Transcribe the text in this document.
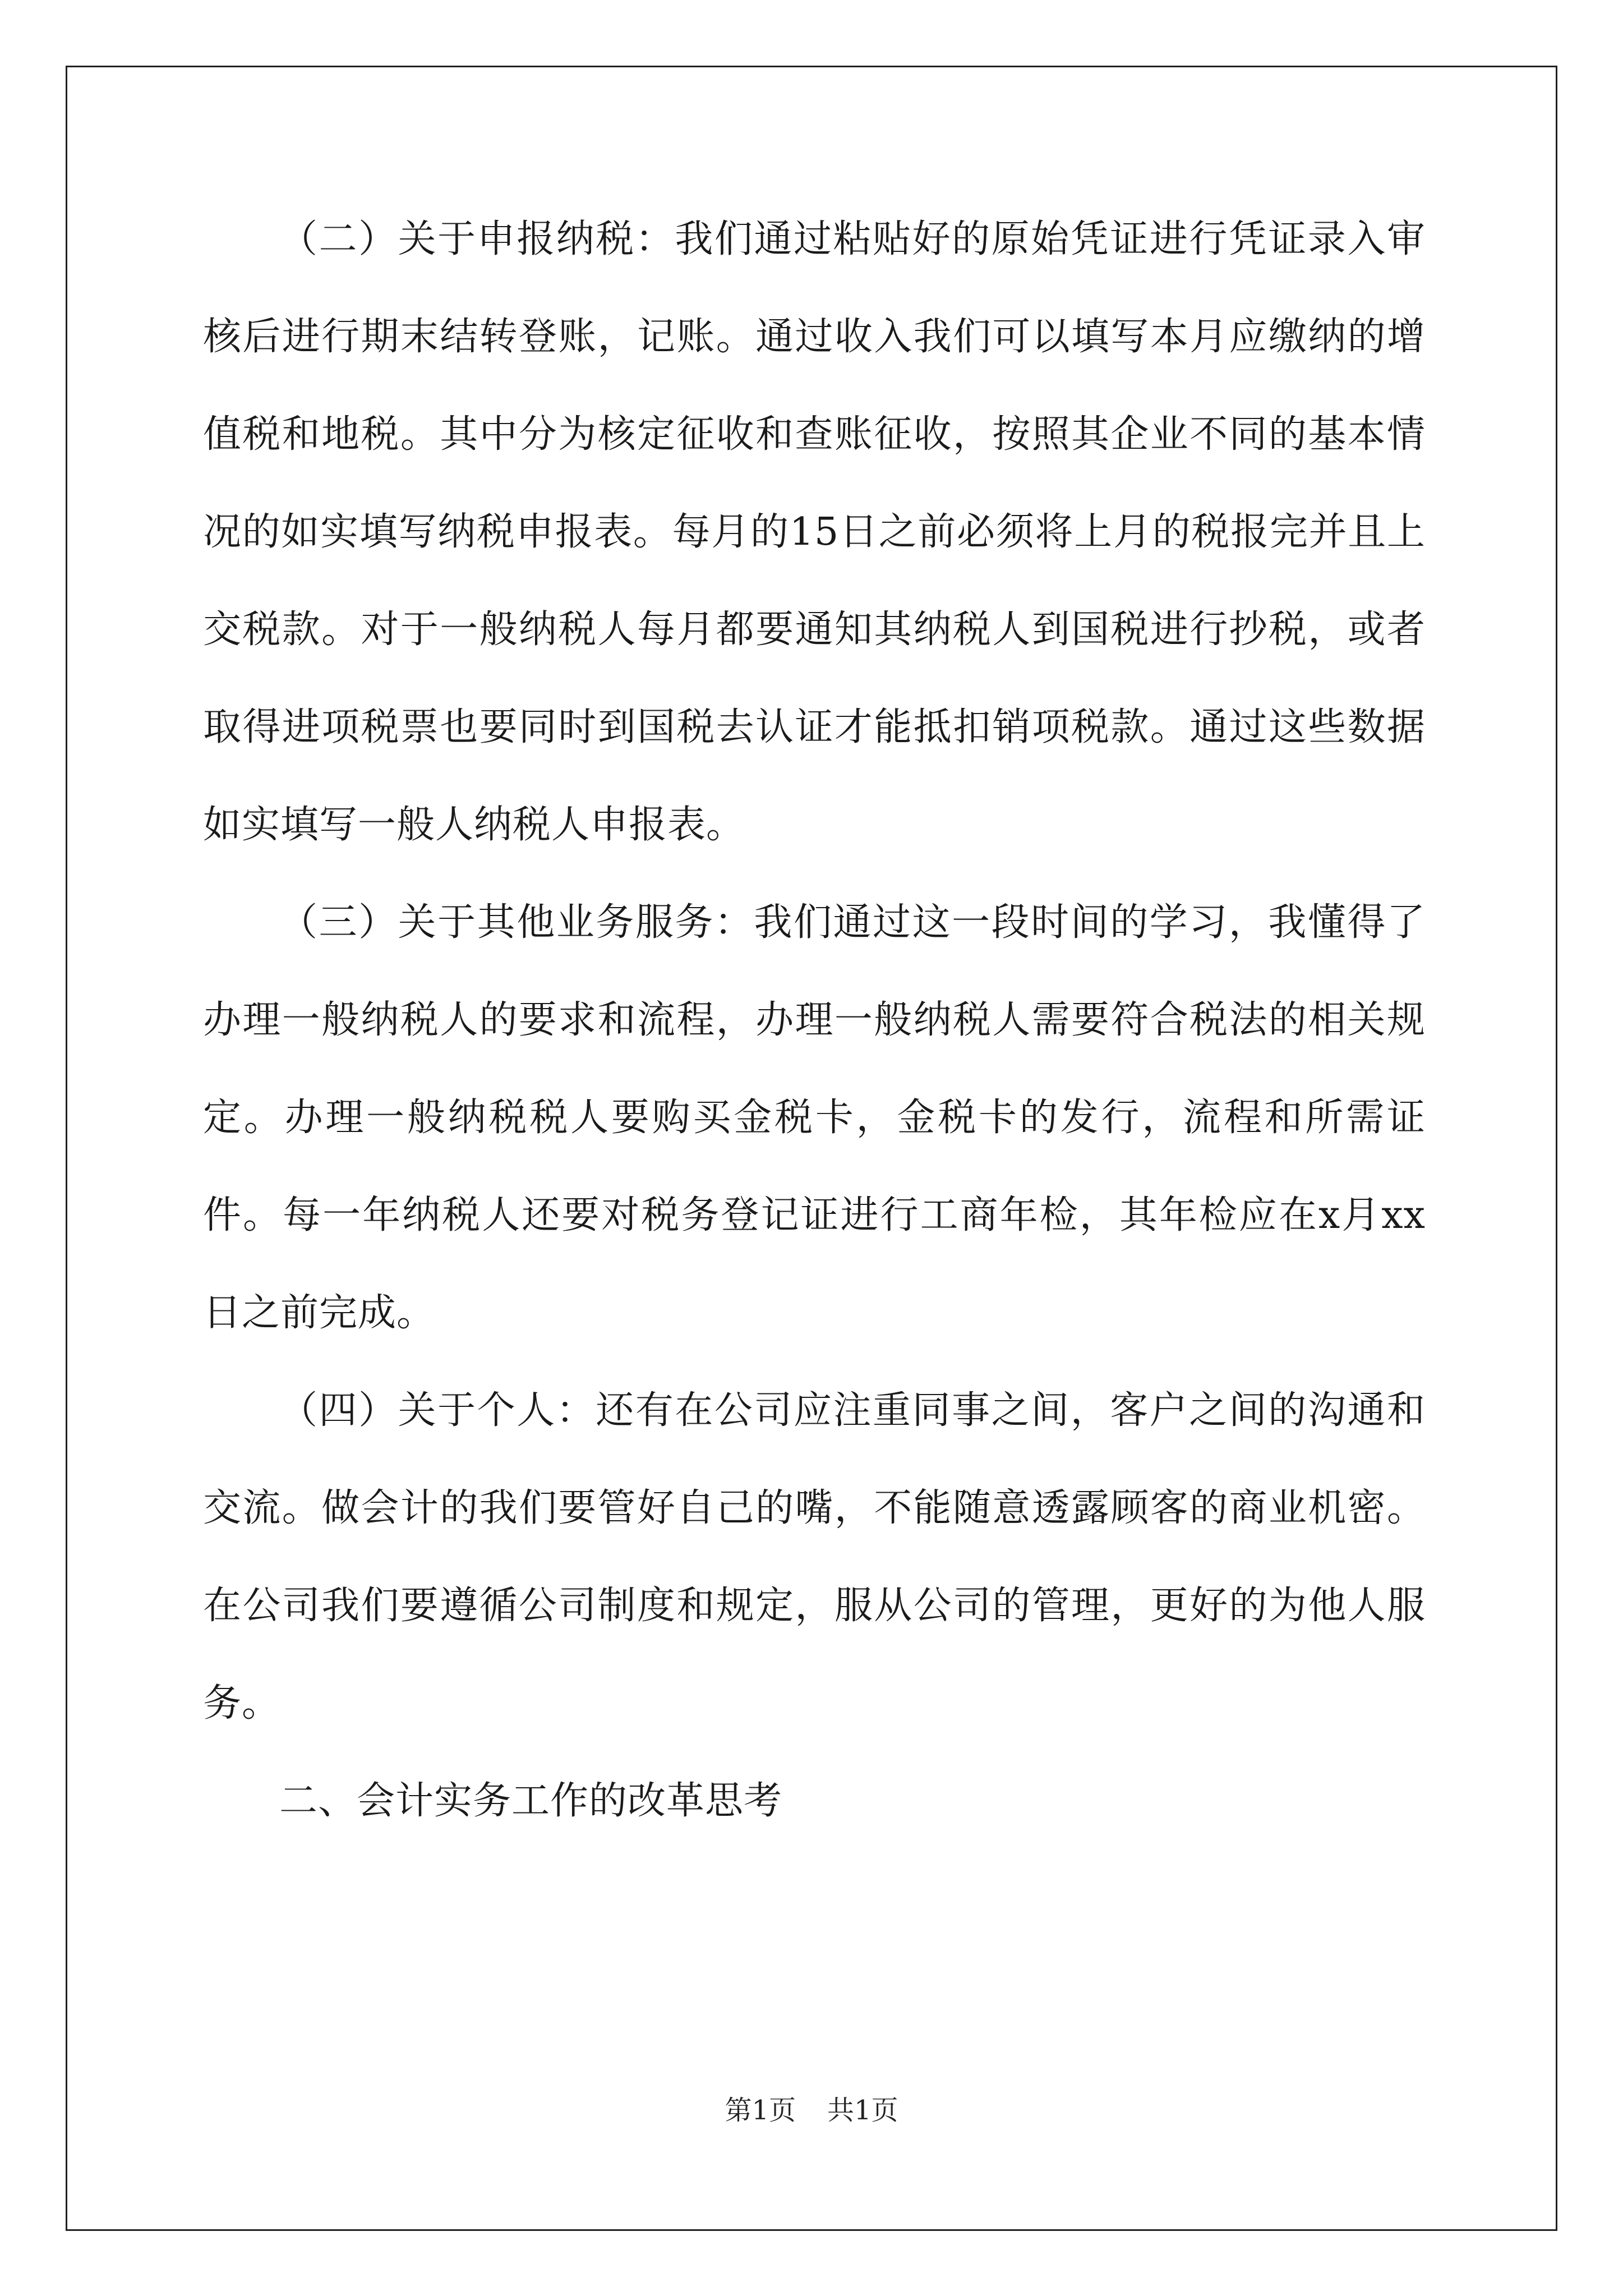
（二）关于申报纳税：我们通过粘贴好的原始凭证进行凭证录入审核后进行期末结转登账，记账。通过收入我们可以填写本月应缴纳的增值税和地税。其中分为核定征收和查账征收，按照其企业不同的基本情况的如实填写纳税申报表。每月的15日之前必须将上月的税报完并且上交税款。对于一般纳税人每月都要通知其纳税人到国税进行抄税，或者取得进项税票也要同时到国税去认证才能抵扣销项税款。通过这些数据如实填写一般人纳税人申报表。

（三）关于其他业务服务：我们通过这一段时间的学习，我懂得了办理一般纳税人的要求和流程，办理一般纳税人需要符合税法的相关规定。办理一般纳税税人要购买金税卡，金税卡的发行，流程和所需证件。每一年纳税人还要对税务登记证进行工商年检，其年检应在x月xx日之前完成。

（四）关于个人：还有在公司应注重同事之间，客户之间的沟通和交流。做会计的我们要管好自己的嘴，不能随意透露顾客的商业机密。在公司我们要遵循公司制度和规定，服从公司的管理，更好的为他人服务。

二、会计实务工作的改革思考

第1页 共1页
